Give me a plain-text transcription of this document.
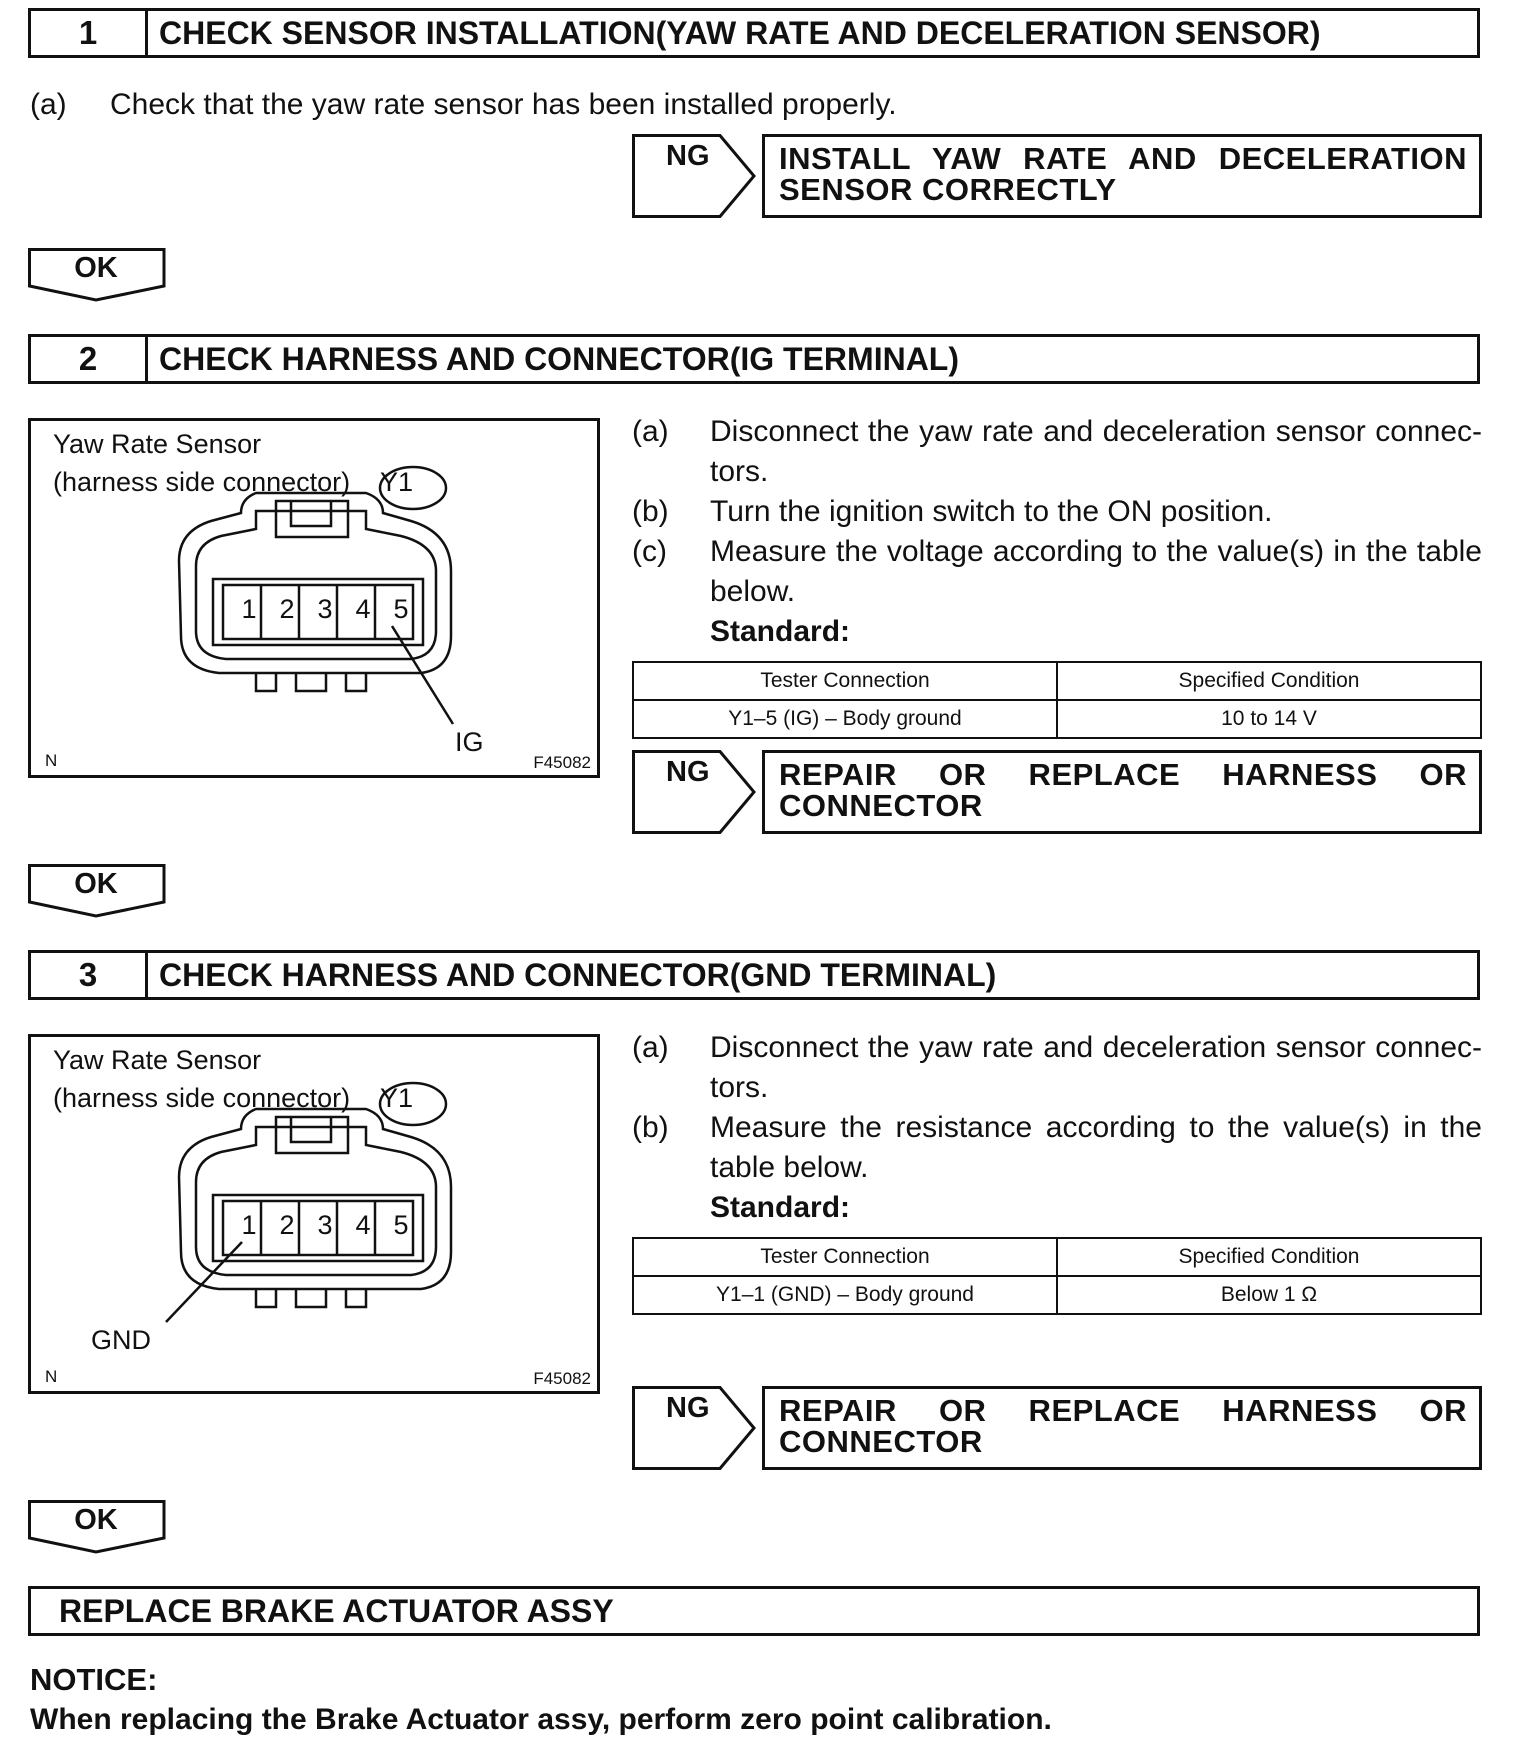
1	CHECK SENSOR INSTALLATION(YAW RATE AND DECELERATION SENSOR)
(a) Check that the yaw rate sensor has been installed properly.
NG INSTALL YAW RATE AND DECELERATION
SENSOR CORRECTLY
OK
2	CHECK HARNESS AND CONNECTOR(IG TERMINAL)
Yaw Rate Sensor
(harness side connector) Y1
1 2 3 4 5
IG
N	F45082
(a) Disconnect the yaw rate and deceleration sensor connec-
tors.
(b) Turn the ignition switch to the ON position.
(c) Measure the voltage according to the value(s) in the table
below.
Standard:
Tester Connection	Specified Condition
Y1–5 (IG) – Body ground	10 to 14 V
NG REPAIR OR REPLACE HARNESS OR
CONNECTOR
OK
3	CHECK HARNESS AND CONNECTOR(GND TERMINAL)
Yaw Rate Sensor
(harness side connector) Y1
1 2 3 4 5
GND
N	F45082
(a) Disconnect the yaw rate and deceleration sensor connec-
tors.
(b) Measure the resistance according to the value(s) in the
table below.
Standard:
Tester Connection	Specified Condition
Y1–1 (GND) – Body ground	Below 1 Ω
NG REPAIR OR REPLACE HARNESS OR
CONNECTOR
OK
REPLACE BRAKE ACTUATOR ASSY
NOTICE:
When replacing the Brake Actuator assy, perform zero point calibration.
